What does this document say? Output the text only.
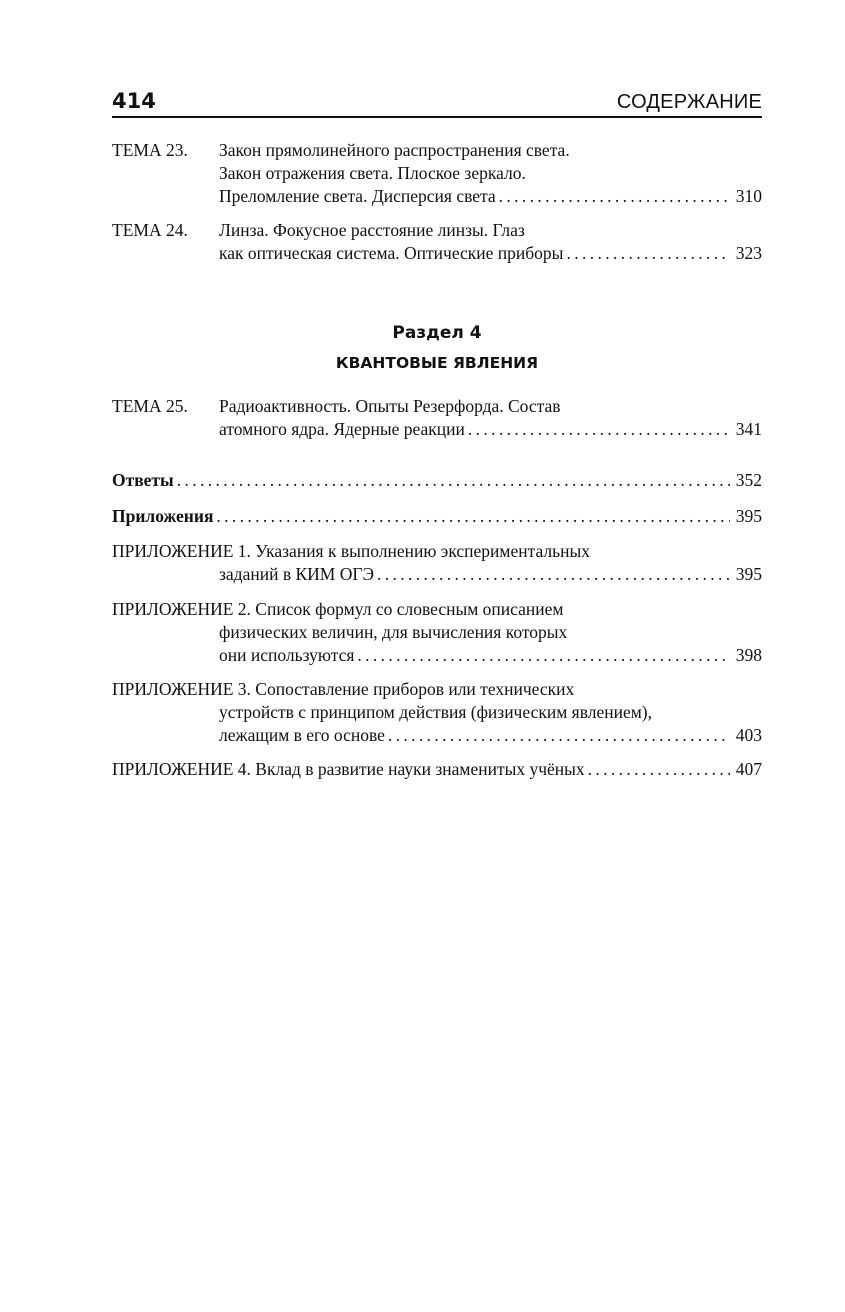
414	СОДЕРЖАНИЕ
ТЕМА 23. Закон прямолинейного распространения света.
Закон отражения света. Плоское зеркало.
Преломление света. Дисперсия света . . .	310
ТЕМА 24. Линза. Фокусное расстояние линзы. Глаз
как оптическая система. Оптические приборы . . .	323
Раздел 4
КВАНТОВЫЕ ЯВЛЕНИЯ
ТЕМА 25. Радиоактивность. Опыты Резерфорда. Состав
атомного ядра. Ядерные реакции . . .	341
Ответы . . .	352
Приложения . . .	395
ПРИЛОЖЕНИЕ 1. Указания к выполнению экспериментальных
заданий в КИМ ОГЭ . . .	395
ПРИЛОЖЕНИЕ 2. Список формул со словесным описанием
физических величин, для вычисления которых
они используются . . .	398
ПРИЛОЖЕНИЕ 3. Сопоставление приборов или технических
устройств с принципом действия (физическим явлением),
лежащим в его основе . . .	403
ПРИЛОЖЕНИЕ 4. Вклад в развитие науки знаменитых учёных . . .	407
